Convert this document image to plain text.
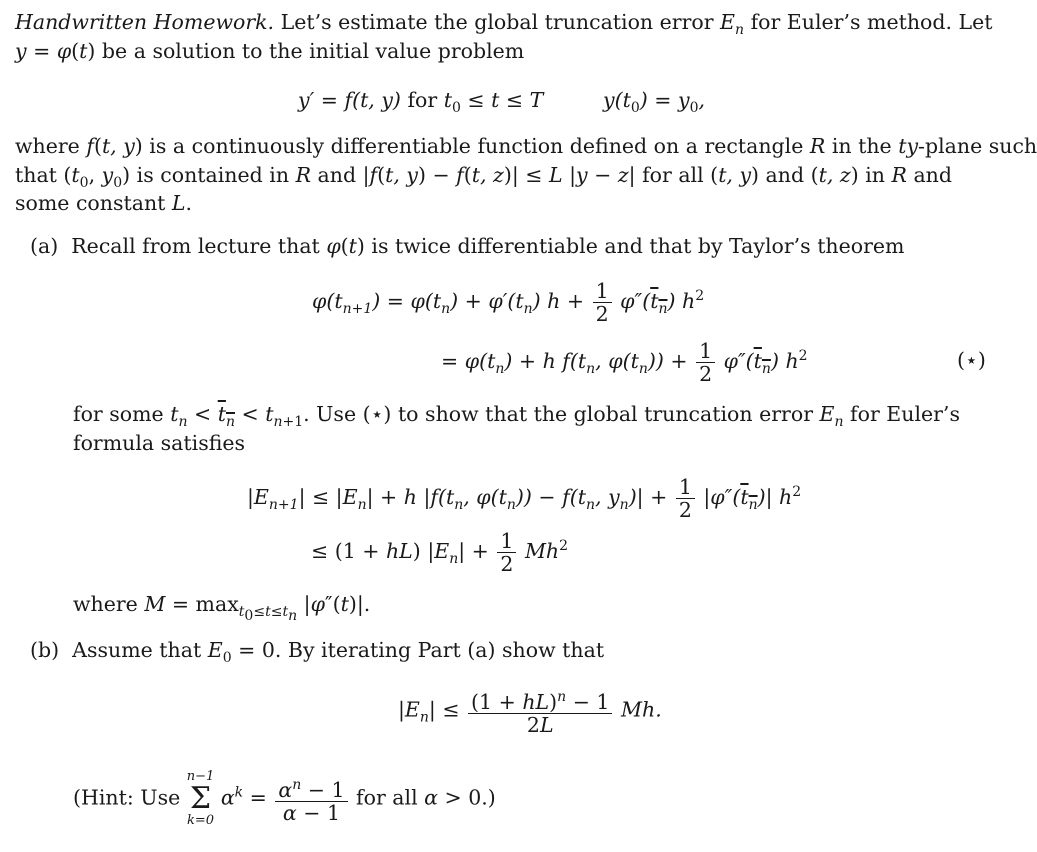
Handwritten Homework. Let’s estimate the global truncation error $E_n$ for Euler’s method. Let
y = φ(t) be a solution to the initial value problem
y′ = f(t, y) for $t_0 \le t \le T$	$y(t_0) = y_0$,
where f(t, y) is a continuously differentiable function defined on a rectangle R in the ty-plane such
that ($t_0$, $y_0$) is contained in R and |f(t, y) − f(t, z)| ≤ L |y − z| for all (t, y) and (t, z) in R and
some constant L.
(a)  Recall from lecture that φ(t) is twice differentiable and that by Taylor’s theorem
$\varphi(t_{n+1}) = \varphi(t_n) + \varphi'(t_n) h + \frac{1}{2} \varphi''(t_n)$ $h^2$
= $\varphi(t_n) + h$ $f(t_n$, $\varphi(t_n)) + \frac{1}{2} \varphi''(t_n)$ $h^2$	(⋆)
for some $t_n < t_n < t_{n+1}$. Use (⋆) to show that the global truncation error $E_n$ for Euler’s
formula satisfies
$|E_{n+1}| \le |E_n| + h$ $|f(t_n$, $\varphi(t_n)) - f(t_n$, $y_n)| + \frac{1}{2} |\varphi''(t_n)|$ $h^2$
≤ (1 + hL) $|E_n| + \frac{1}{2} Mh^2$
where $M = \max_{t_0\le t\le t_n} |\varphi''(t)|$.
(b)  Assume that $E_0 = 0$. By iterating Part (a) show that
$|E_n| \le \frac{(1 + hL)^n - 1}{2L} Mh$.
(Hint: Use
n−1
Σ
k=0
$\alpha^k = \frac{\alpha^n - 1}{\alpha - 1}$ for all α > 0.)
